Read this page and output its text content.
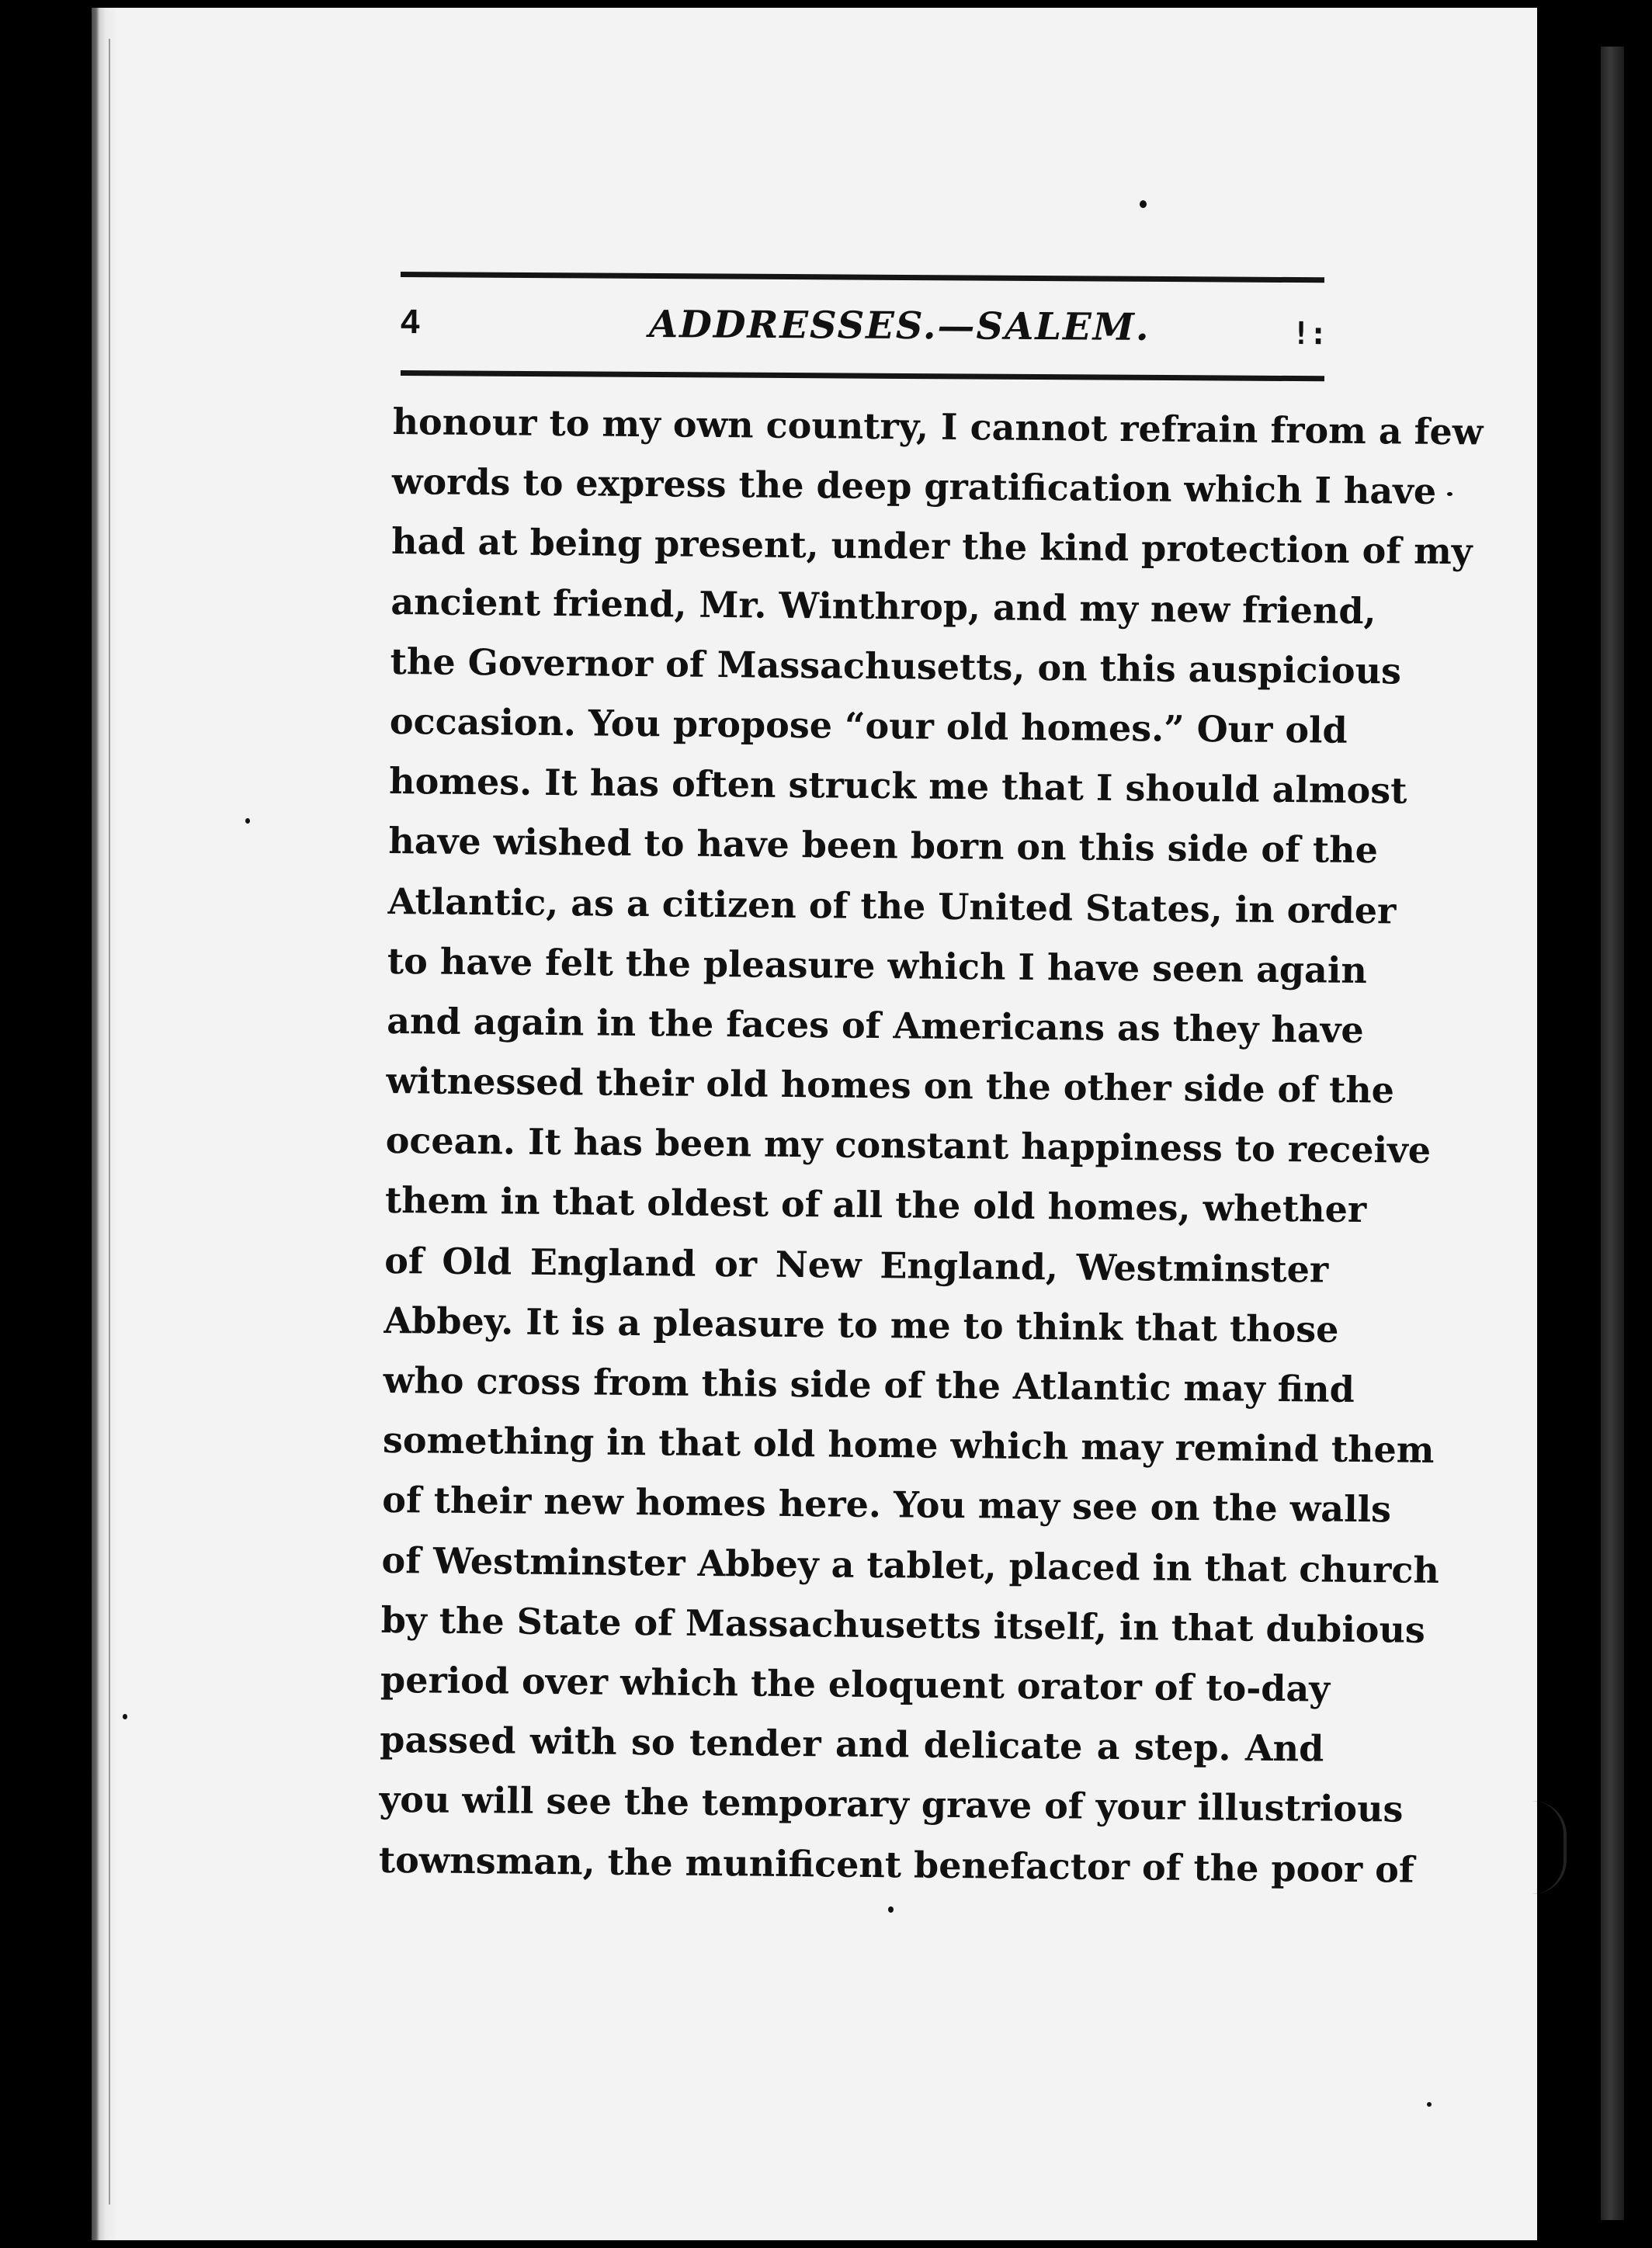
4	ADDRESSES.—SALEM.	!:
honour to my own country, I cannot refrain from a few
words to express the deep gratification which I have
had at being present, under the kind protection of my
ancient friend, Mr. Winthrop, and my new friend,
the Governor of Massachusetts, on this auspicious
occasion. You propose “our old homes.” Our old
homes. It has often struck me that I should almost
have wished to have been born on this side of the
Atlantic, as a citizen of the United States, in order
to have felt the pleasure which I have seen again
and again in the faces of Americans as they have
witnessed their old homes on the other side of the
ocean. It has been my constant happiness to receive
them in that oldest of all the old homes, whether
of Old England or New England, Westminster
Abbey. It is a pleasure to me to think that those
who cross from this side of the Atlantic may find
something in that old home which may remind them
of their new homes here. You may see on the walls
of Westminster Abbey a tablet, placed in that church
by the State of Massachusetts itself, in that dubious
period over which the eloquent orator of to-day
passed with so tender and delicate a step. And
you will see the temporary grave of your illustrious
townsman, the munificent benefactor of the poor of
